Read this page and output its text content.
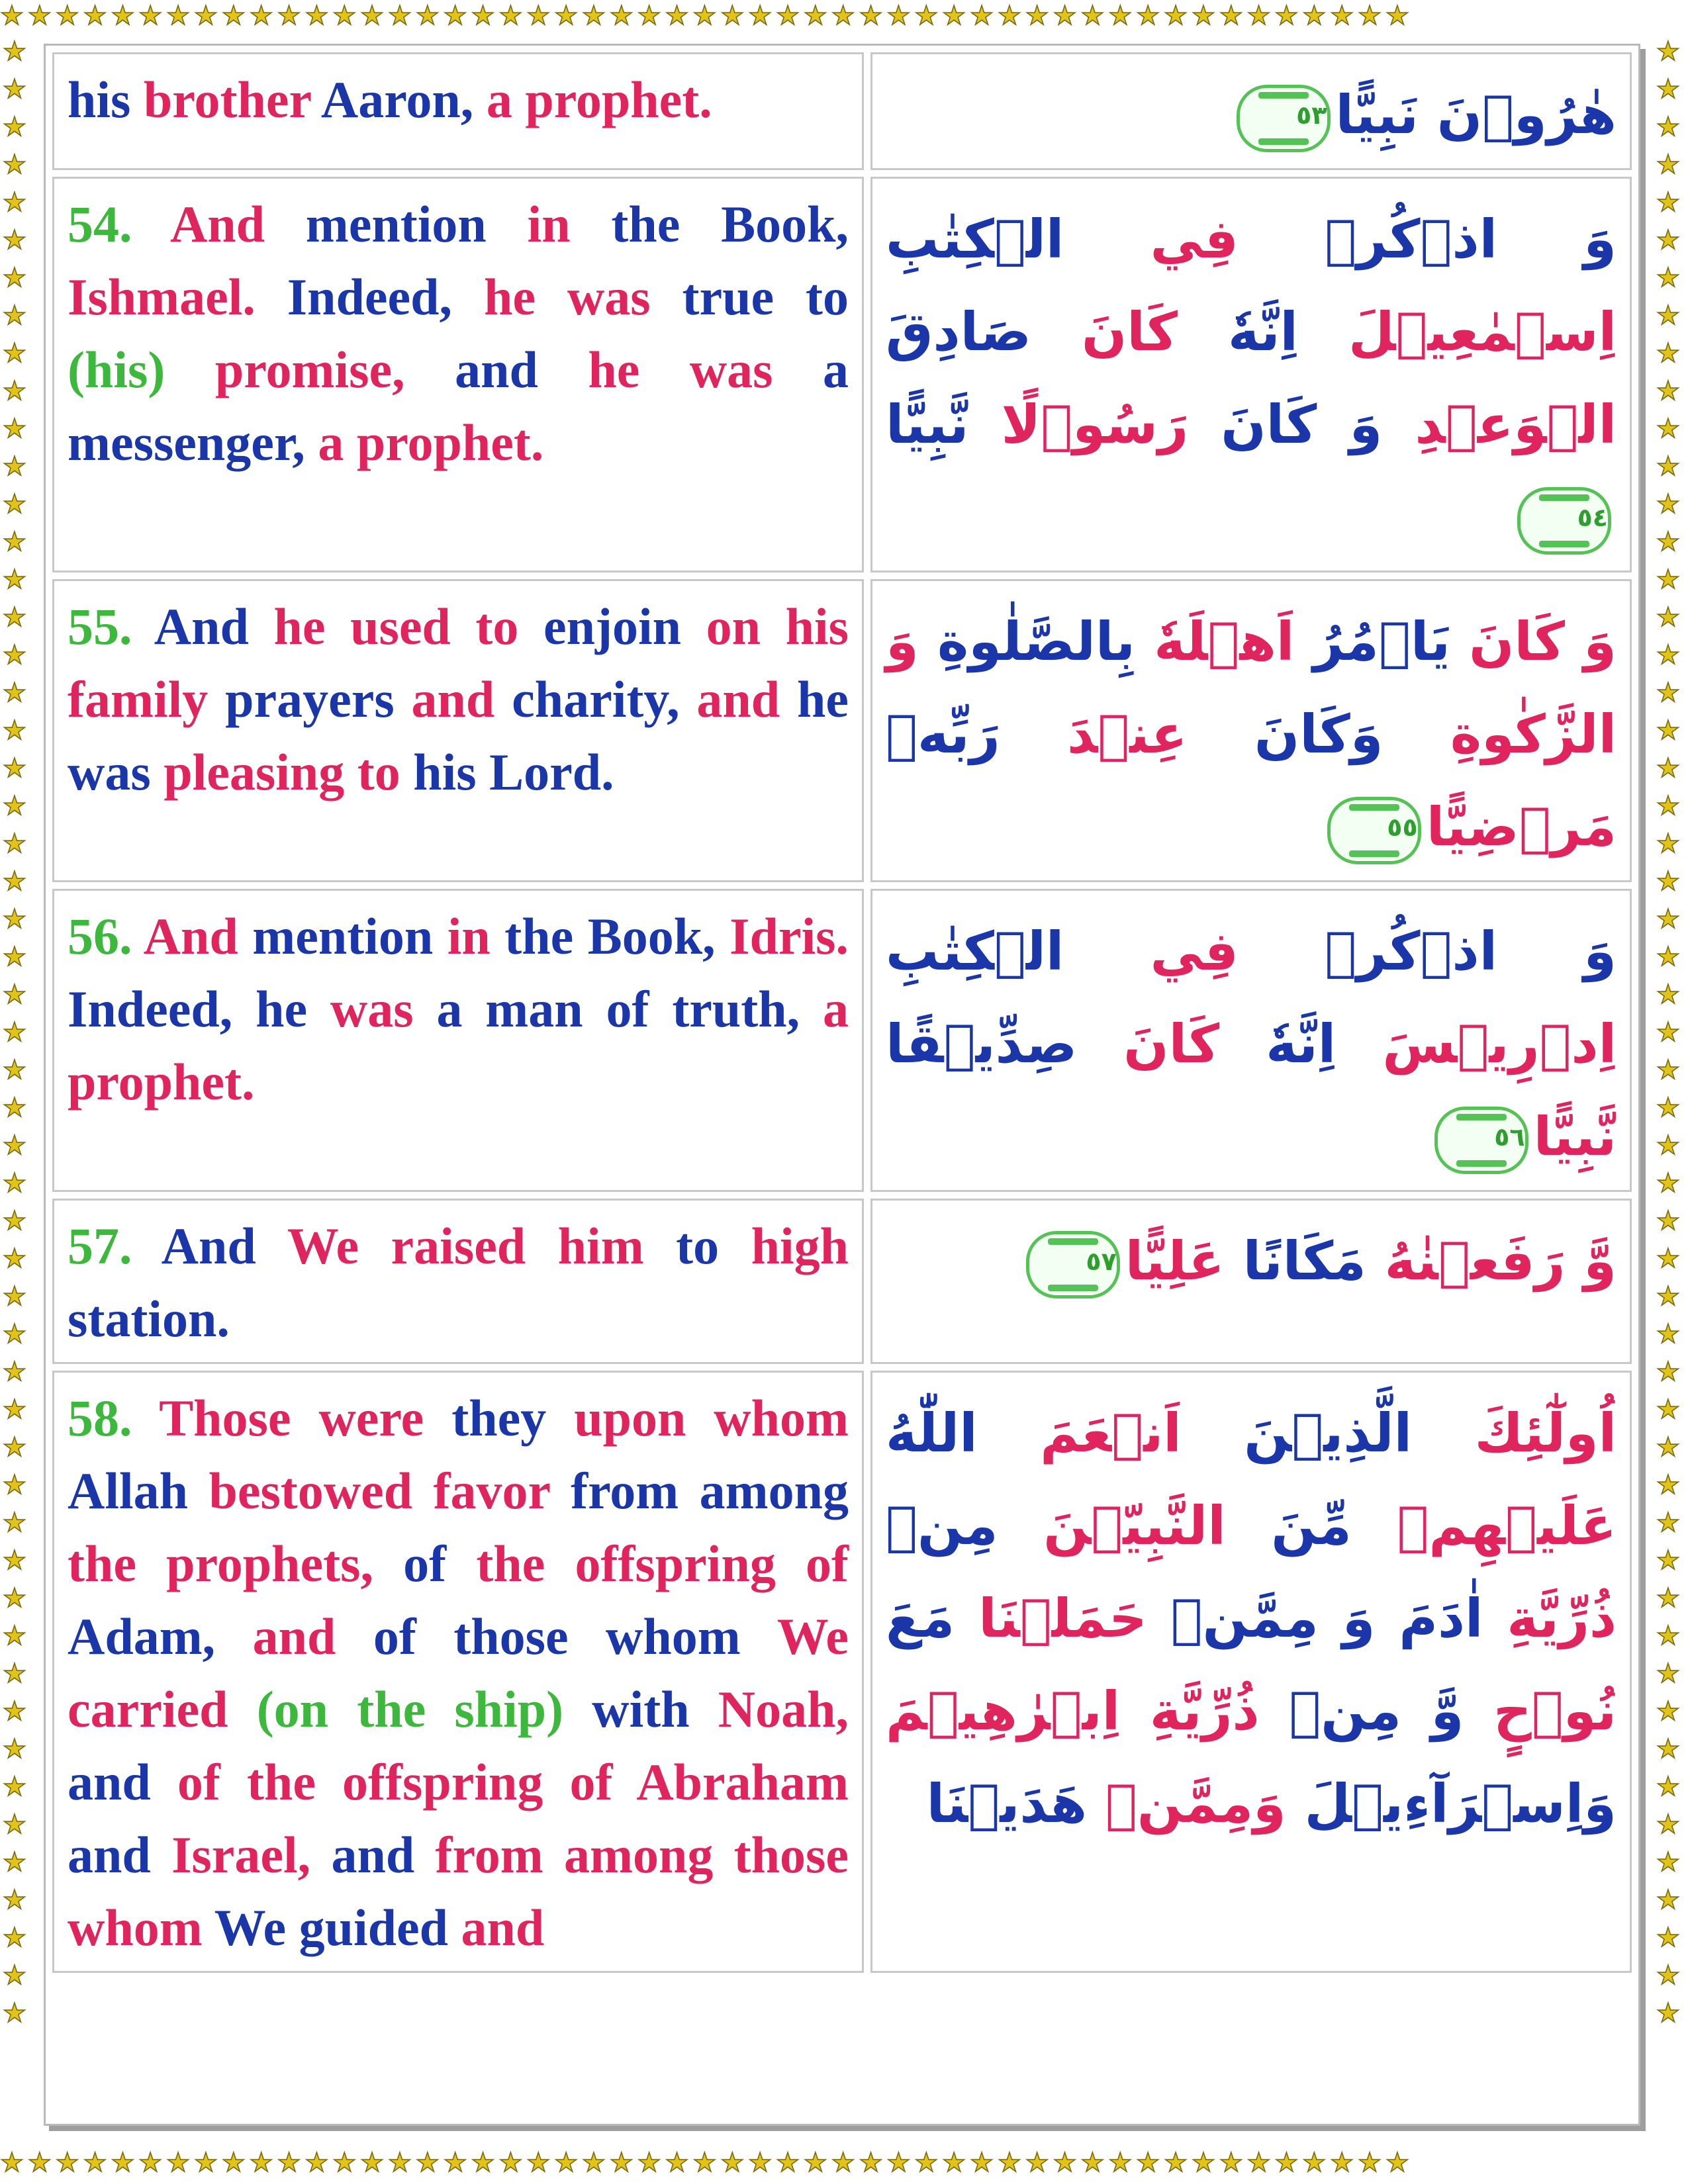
★★★★★★★★★★★★★★★★★★★★★★★★★★★★★★★★★★★★★★★★★★★★★★★★★★★
★★★★★★★★★★★★★★★★★★★★★★★★★★★★★★★★★★★★★★★★★★★★★★★★★★★
★★★★★★★★★★★★★★★★★★★★★★★★★★★★★★★★★★★★★★★★★★★★★★★★★★★★★
★★★★★★★★★★★★★★★★★★★★★★★★★★★★★★★★★★★★★★★★★★★★★★★★★★★★★
his brother Aaron, a prophet.	هٰرُوۡنَ نَبِيًّا٥٣

54. And mention in the Book, Ishmael. Indeed, he was true to (his) promise, and he was a messenger, a prophet.	وَ اذۡكُرۡ فِي الۡكِتٰبِ اِسۡمٰعِيۡلَ اِنَّهٗ كَانَ صَادِقَ الۡوَعۡدِ وَ كَانَ رَسُوۡلًا نَّبِيًّا٥٤

55. And he used to enjoin on his family prayers and charity, and he was pleasing to his Lord.	وَ كَانَ يَاۡمُرُ اَهۡلَهٗ بِالصَّلٰوةِ وَ الزَّكٰوةِ وَكَانَ عِنۡدَ رَبِّهٖ مَرۡضِيًّا٥٥

56. And mention in the Book, Idris. Indeed, he was a man of truth, a prophet.	وَ اذۡكُرۡ فِي الۡكِتٰبِ اِدۡرِيۡسَ اِنَّهٗ كَانَ صِدِّيۡقًا نَّبِيًّا٥٦

57. And We raised him to high station.	وَّ رَفَعۡنٰهُ مَكَانًا عَلِيًّا٥٧

58. Those were they upon whom Allah bestowed favor from among the prophets, of the offspring of Adam, and of those whom We carried (on the ship) with Noah, and of the offspring of Abraham and Israel, and from among those whom We guided and	اُولٰٓئِكَ الَّذِيۡنَ اَنۡعَمَ اللّٰهُ عَلَيۡهِمۡ مِّنَ النَّبِيّٖنَ مِنۡ ذُرِّيَّةِ اٰدَمَ وَ مِمَّنۡ حَمَلۡنَا مَعَ نُوۡحٍ وَّ مِنۡ ذُرِّيَّةِ اِبۡرٰهِيۡمَ وَاِسۡرَآءِيۡلَ وَمِمَّنۡ هَدَيۡنَا
